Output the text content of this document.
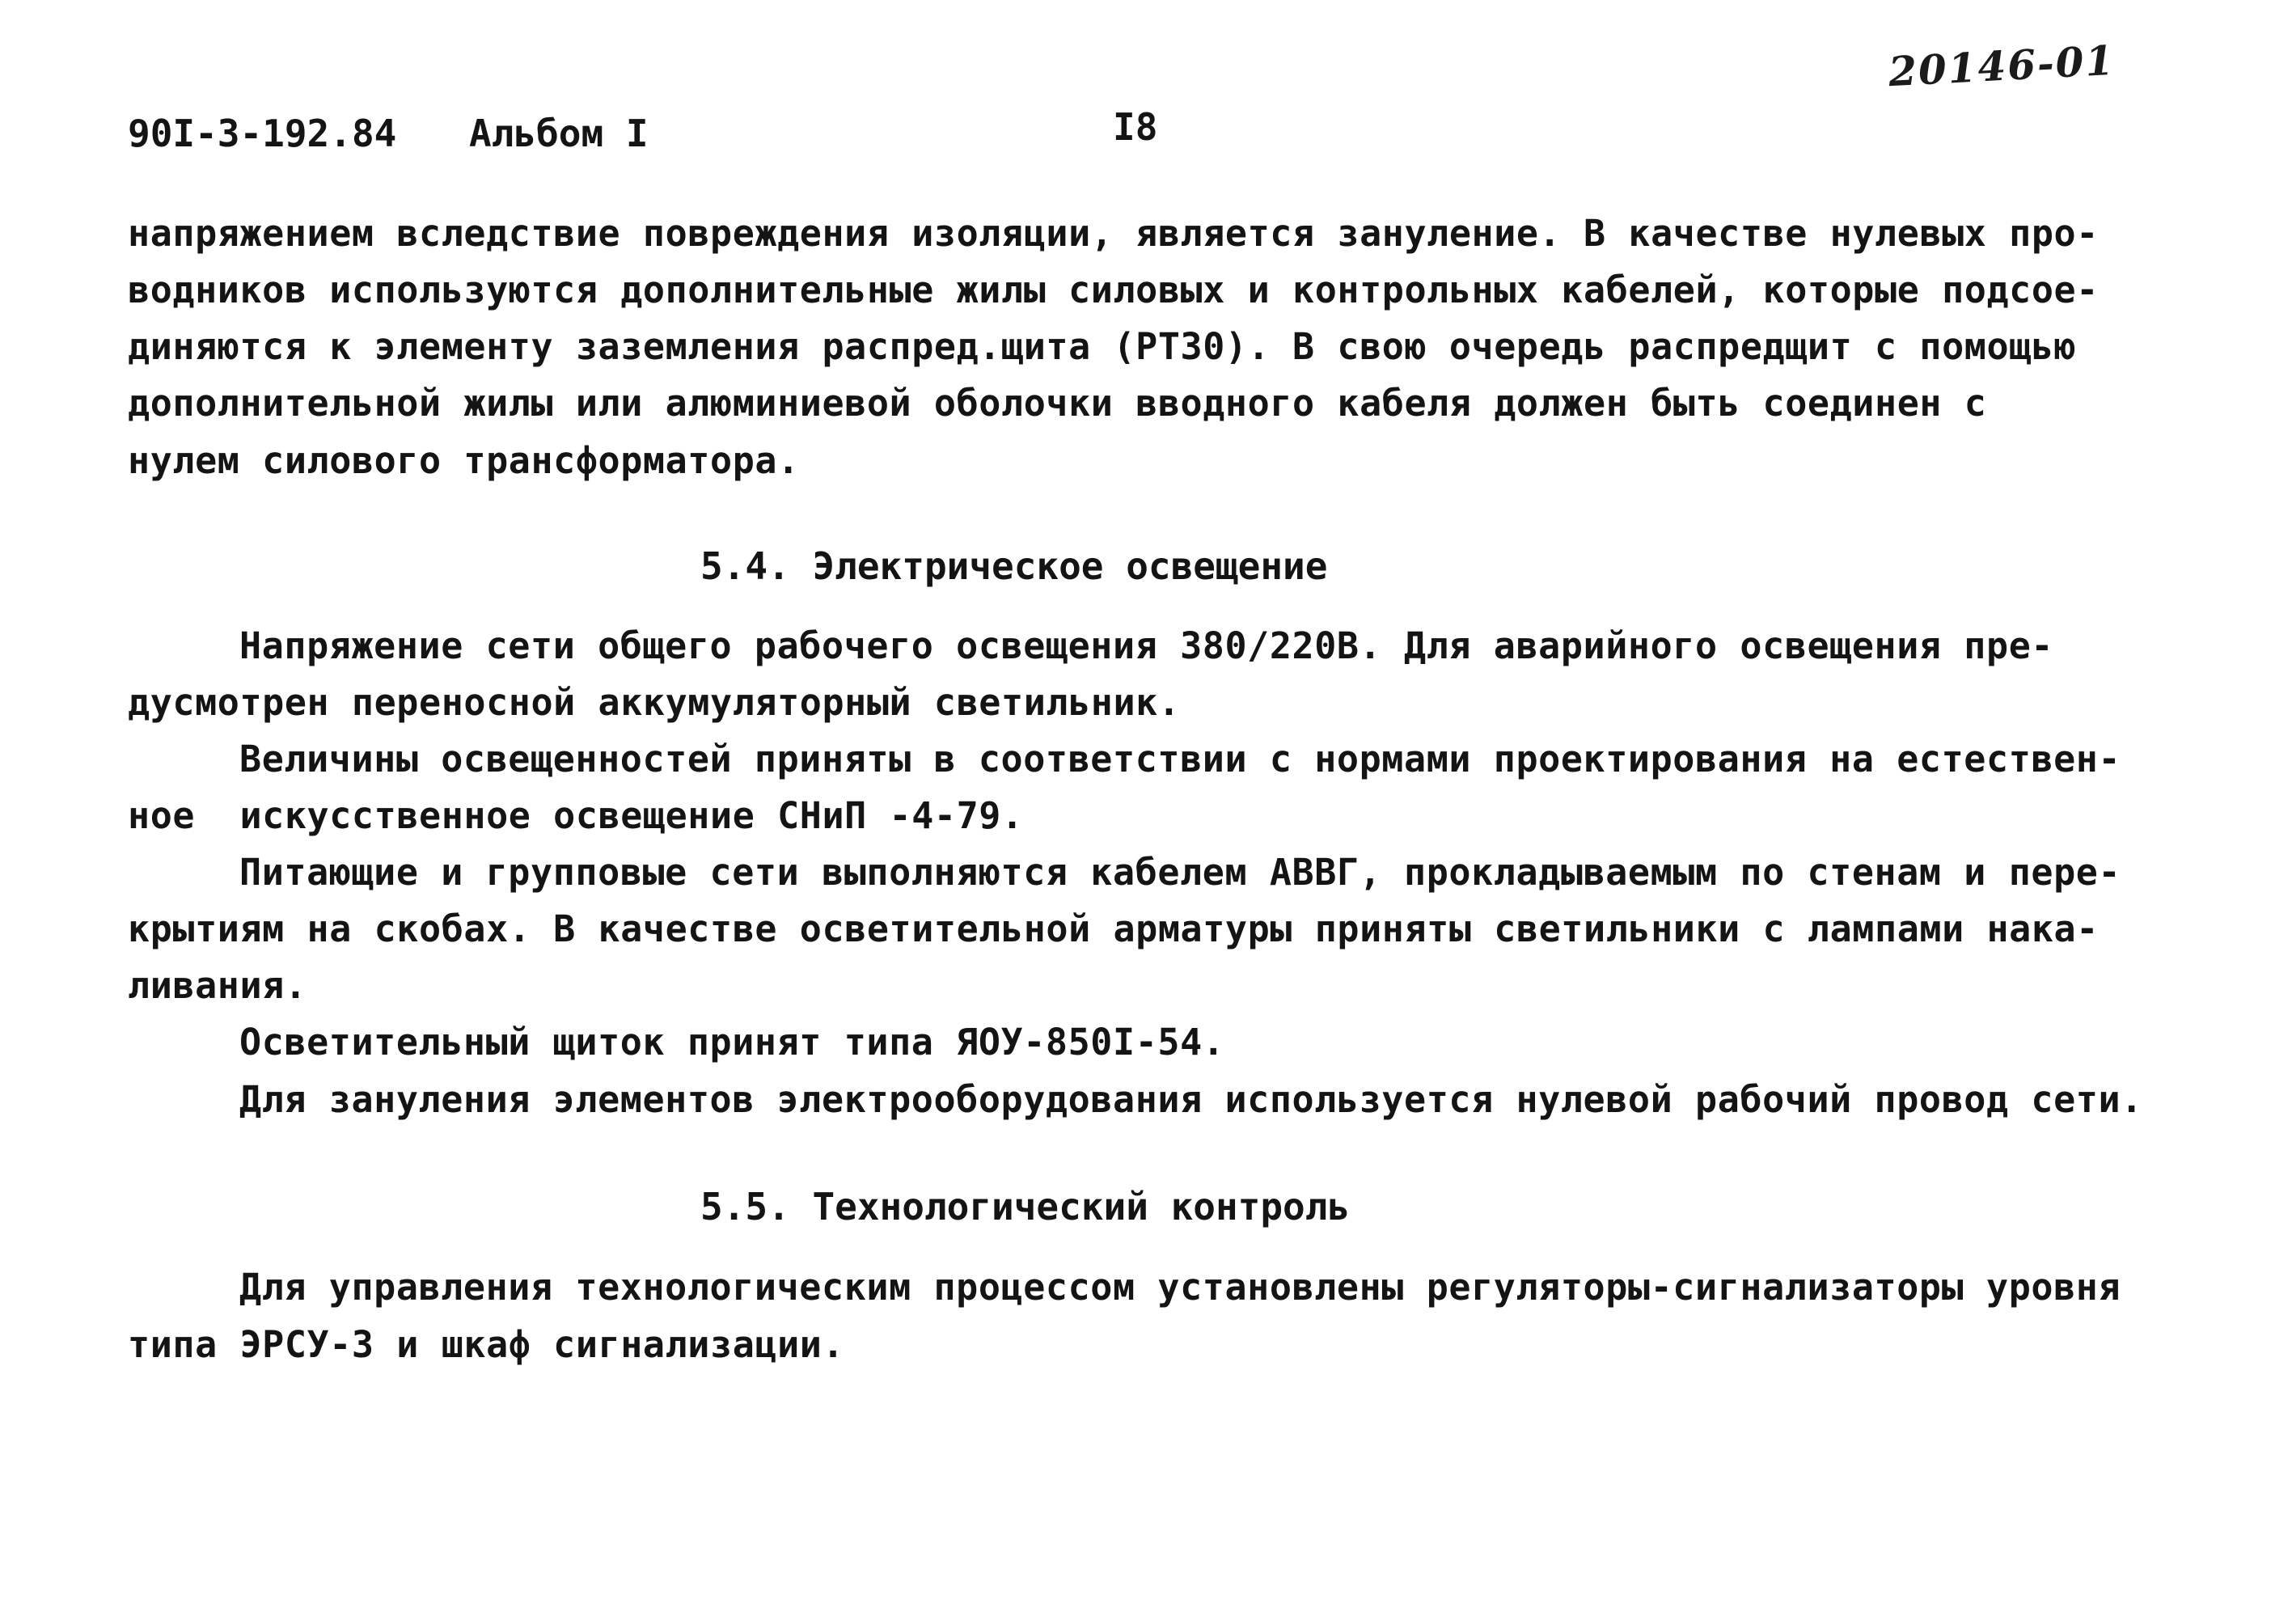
20146-01
90I-3-192.84 Альбом I	I8
напряжением вследствие повреждения изоляции, является зануление. В качестве нулевых про-
водников используются дополнительные жилы силовых и контрольных кабелей, которые подсое-
диняются к элементу заземления распред.щита (РТЗ0). В свою очередь распредщит с помощью
дополнительной жилы или алюминиевой оболочки вводного кабеля должен быть соединен с
нулем силового трансформатора.
5.4. Электрическое освещение
Напряжение сети общего рабочего освещения 380/220В. Для аварийного освещения пре-
дусмотрен переносной аккумуляторный светильник.
Величины освещенностей приняты в соответствии с нормами проектирования на естествен-
ное  искусственное освещение СНиП -4-79.
Питающие и групповые сети выполняются кабелем АВВГ, прокладываемым по стенам и пере-
крытиям на скобах. В качестве осветительной арматуры приняты светильники с лампами нака-
ливания.
Осветительный щиток принят типа ЯОУ-850I-54.
Для зануления элементов электрооборудования используется нулевой рабочий провод сети.
5.5. Технологический контроль
Для управления технологическим процессом установлены регуляторы-сигнализаторы уровня
типа ЭРСУ-3 и шкаф сигнализации.
